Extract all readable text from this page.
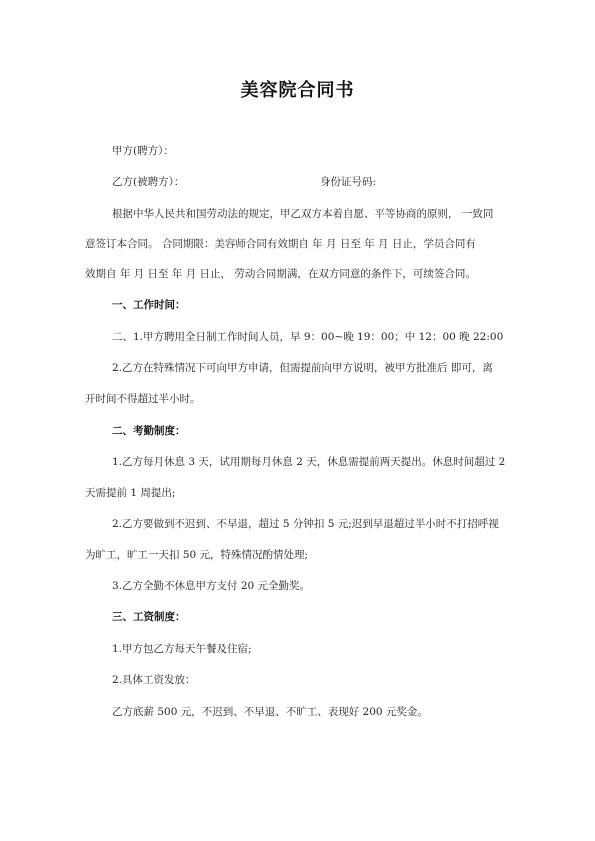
美容院合同书
甲方(聘方）：
乙方(被聘方）：	身份证号码:
根据中华人民共和国劳动法的规定，甲乙双方本着自愿、平等协商的原则， 一致同
意签订本合同。 合同期限：美容师合同有效期自 年 月 日至 年 月 日止，学员合同有
效期自 年 月 日至 年 月 日止， 劳动合同期满，在双方同意的条件下，可续签合同。
一、工作时间：
二、1.甲方聘用全日制工作时间人员，早 9：00~晚 19：00；中 12：00 晚 22:00
2.乙方在特殊情况下可向甲方申请，但需提前向甲方说明，被甲方批准后 即可，离
开时间不得超过半小时。
二、考勤制度：
1.乙方每月休息 3 天，试用期每月休息 2 天，休息需提前两天提出。休息时间超过 2
天需提前 1 周提出;
2.乙方要做到不迟到、不早退，超过 5 分钟扣 5 元;迟到早退超过半小时不打招呼视
为旷工，旷工一天扣 50 元，特殊情况酌情处理;
3.乙方全勤不休息甲方支付 20 元全勤奖。
三、工资制度：
1.甲方包乙方每天午餐及住宿;
2.具体工资发放：
乙方底薪 500 元，不迟到、不早退、不旷工、表现好 200 元奖金。
